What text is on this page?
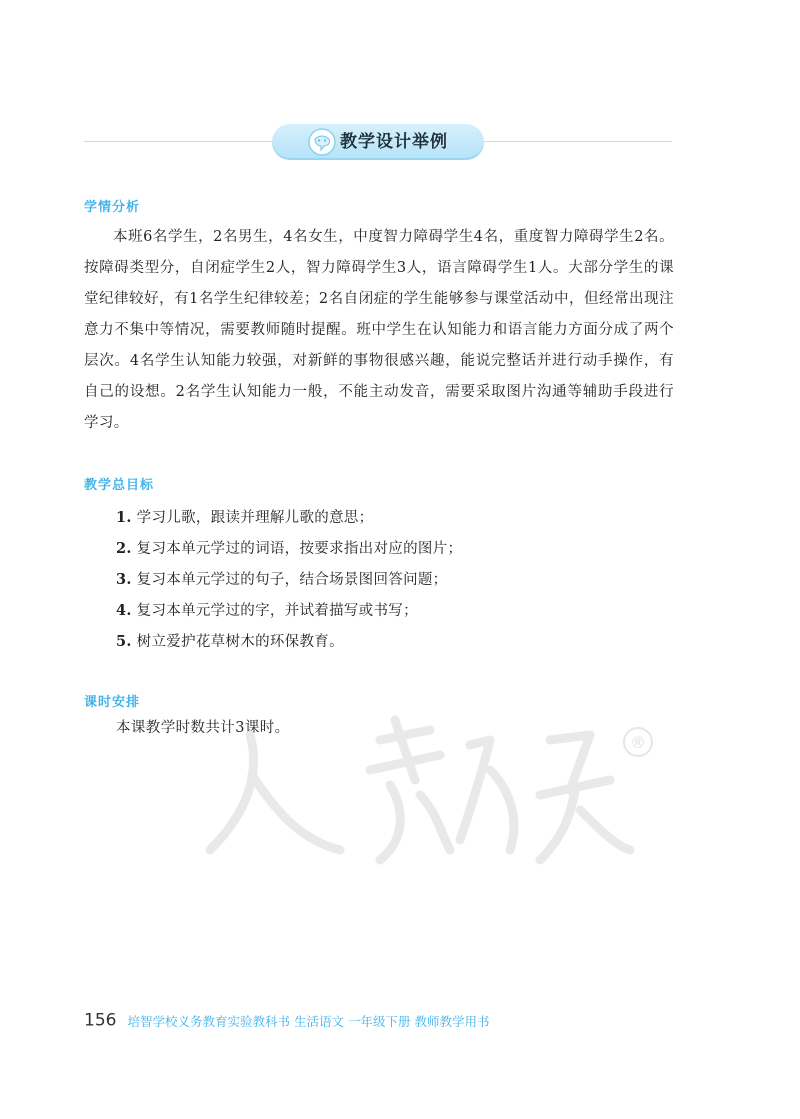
教学设计举例
学情分析
本班6名学生，2名男生，4名女生，中度智力障碍学生4名，重度智力障碍学生2名。按障碍类型分，自闭症学生2人，智力障碍学生3人，语言障碍学生1人。大部分学生的课堂纪律较好，有1名学生纪律较差；2名自闭症的学生能够参与课堂活动中，但经常出现注意力不集中等情况，需要教师随时提醒。班中学生在认知能力和语言能力方面分成了两个层次。4名学生认知能力较强，对新鲜的事物很感兴趣，能说完整话并进行动手操作，有自己的设想。2名学生认知能力一般，不能主动发音，需要采取图片沟通等辅助手段进行学习。
教学总目标
1. 学习儿歌，跟读并理解儿歌的意思；
2. 复习本单元学过的词语，按要求指出对应的图片；
3. 复习本单元学过的句子，结合场景图回答问题；
4. 复习本单元学过的字，并试着描写或书写；
5. 树立爱护花草树木的环保教育。
课时安排
本课教学时数共计3课时。
®
156 培智学校义务教育实验教科书 生活语文 一年级下册 教师教学用书
